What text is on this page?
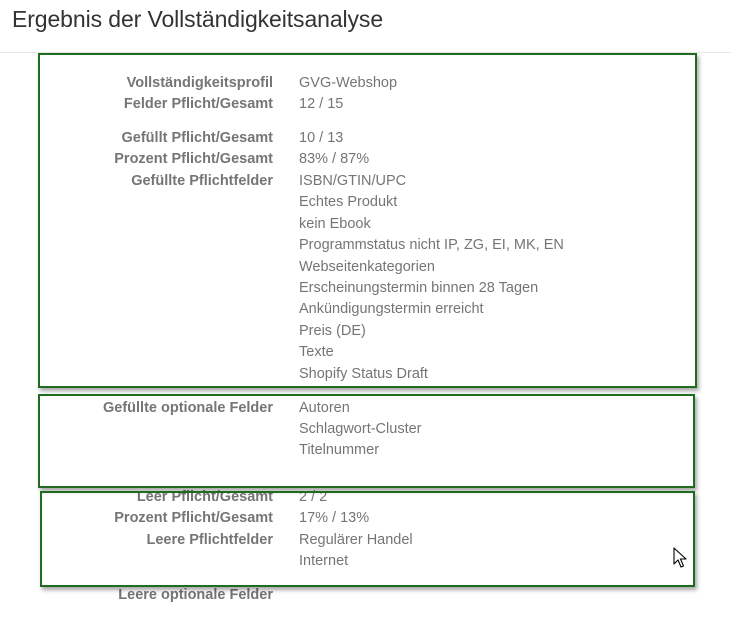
Ergebnis der Vollständigkeitsanalyse
Vollständigkeitsprofil GVG-Webshop
Felder Pflicht/Gesamt 12 / 15
Gefüllt Pflicht/Gesamt 10 / 13
Prozent Pflicht/Gesamt 83% / 87%
Gefüllte Pflichtfelder ISBN/GTIN/UPC
Echtes Produkt
kein Ebook
Programmstatus nicht IP, ZG, EI, MK, EN
Webseitenkategorien
Erscheinungstermin binnen 28 Tagen
Ankündigungstermin erreicht
Preis (DE)
Texte
Shopify Status Draft
Gefüllte optionale Felder Autoren
Schlagwort-Cluster
Titelnummer
Leer Pflicht/Gesamt 2 / 2
Prozent Pflicht/Gesamt 17% / 13%
Leere Pflichtfelder Regulärer Handel
Internet
Leere optionale Felder
